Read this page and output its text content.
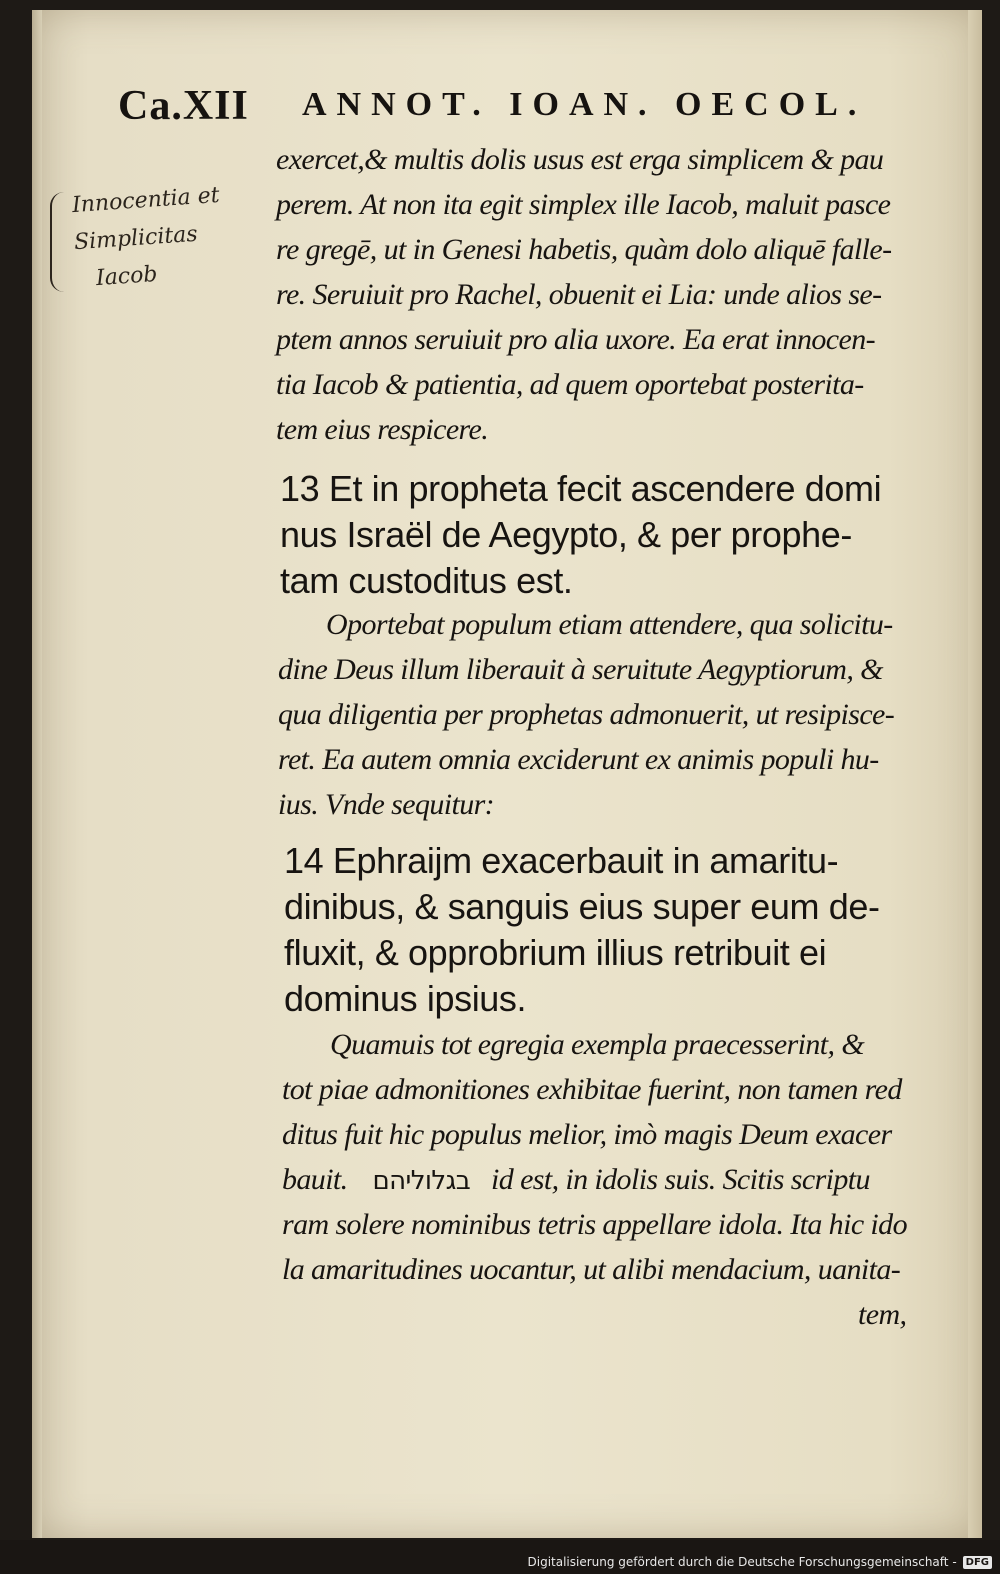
Ca.XII ANNOT. IOAN. OECOL.
Innocentia et
Simplicitas
Iacob
exercet,& multis dolis usus est erga simplicem & pau
perem. At non ita egit simplex ille Iacob, maluit pasce
re gregē, ut in Genesi habetis, quàm dolo aliquē falle-
re. Seruiuit pro Rachel, obuenit ei Lia: unde alios se-
ptem annos seruiuit pro alia uxore. Ea erat innocen-
tia Iacob & patientia, ad quem oportebat posterita-
tem eius respicere.
13 Et in propheta fecit ascendere domi
nus Israël de Aegypto, & per prophe-
tam custoditus est.
Oportebat populum etiam attendere, qua solicitu-
dine Deus illum liberauit à seruitute Aegyptiorum, &
qua diligentia per prophetas admonuerit, ut resipisce-
ret. Ea autem omnia exciderunt ex animis populi hu-
ius. Vnde sequitur:
14 Ephraijm exacerbauit in amaritu-
dinibus, & sanguis eius super eum de-
fluxit, & opprobrium illius retribuit ei
dominus ipsius.
Quamuis tot egregia exempla praecesserint, &
tot piae admonitiones exhibitae fuerint, non tamen red
ditus fuit hic populus melior, imò magis Deum exacer
bauit. בגלוליהם id est, in idolis suis. Scitis scriptu
ram solere nominibus tetris appellare idola. Ita hic ido
la amaritudines uocantur, ut alibi mendacium, uanita-
tem,
Digitalisierung gefördert durch die Deutsche Forschungsgemeinschaft - DFG
